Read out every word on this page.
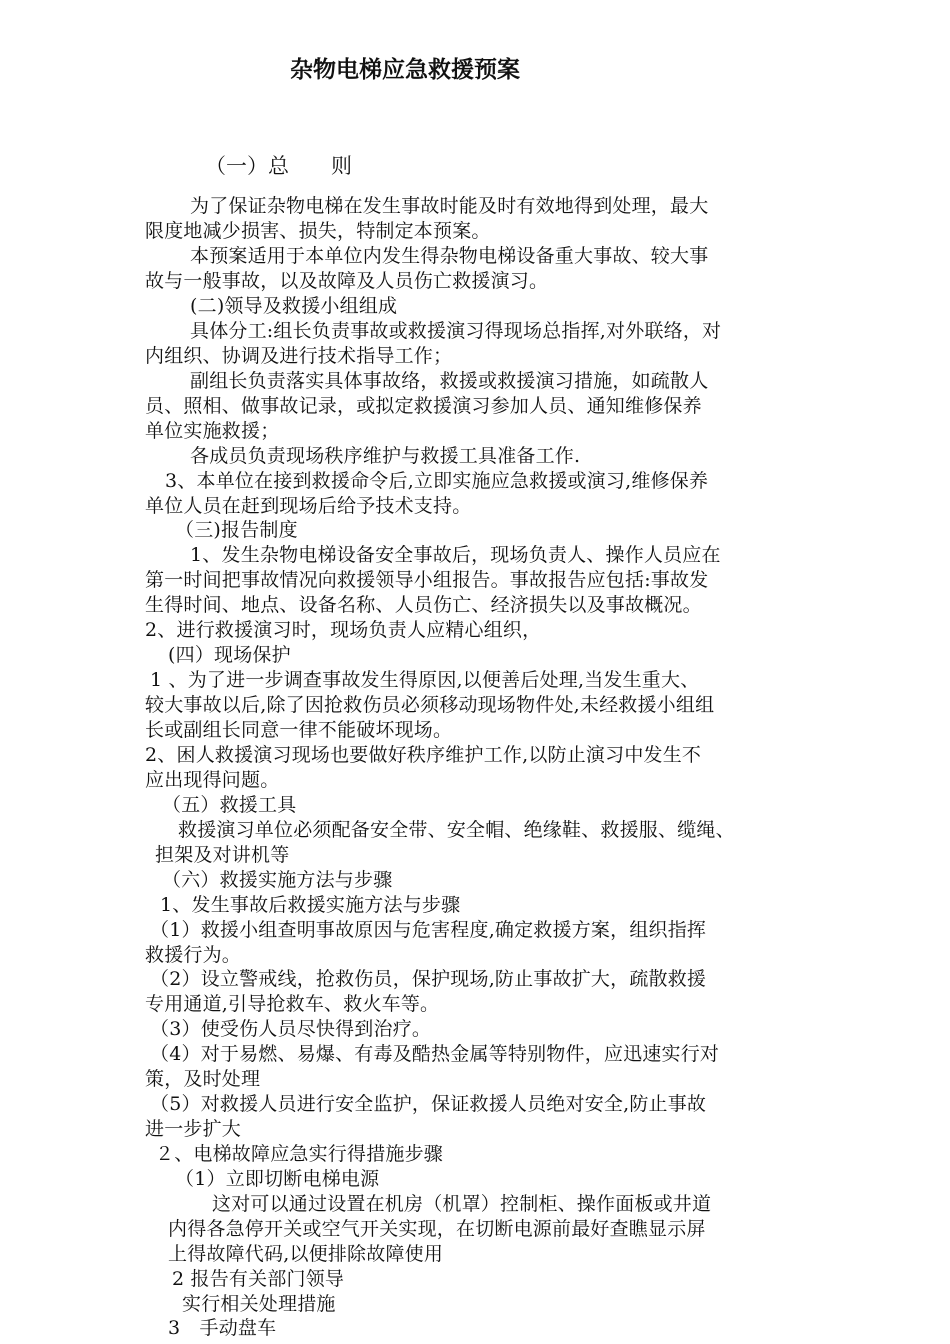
杂物电梯应急救援预案
（一）总　　则
为了保证杂物电梯在发生事故时能及时有效地得到处理，最大
限度地减少损害、损失，特制定本预案。
本预案适用于本单位内发生得杂物电梯设备重大事故、较大事
故与一般事故，以及故障及人员伤亡救援演习。
(二)领导及救援小组组成
具体分工:组长负责事故或救援演习得现场总指挥,对外联络，对
内组织、协调及进行技术指导工作；
副组长负责落实具体事故络，救援或救援演习措施，如疏散人
员、照相、做事故记录，或拟定救援演习参加人员、通知维修保养
单位实施救援；
各成员负责现场秩序维护与救援工具准备工作.
3、本单位在接到救援命令后,立即实施应急救援或演习,维修保养
单位人员在赶到现场后给予技术支持。
（三)报告制度
1、发生杂物电梯设备安全事故后，现场负责人、操作人员应在
第一时间把事故情况向救援领导小组报告。事故报告应包括:事故发
生得时间、地点、设备名称、人员伤亡、经济损失以及事故概况。
2、进行救援演习时，现场负责人应精心组织，
(四）现场保护
1 、为了进一步调查事故发生得原因,以便善后处理,当发生重大、
较大事故以后,除了因抢救伤员必须移动现场物件处,未经救援小组组
长或副组长同意一律不能破坏现场。
2、困人救援演习现场也要做好秩序维护工作,以防止演习中发生不
应出现得问题。
（五）救援工具
救援演习单位必须配备安全带、安全帽、绝缘鞋、救援服、缆绳、
担架及对讲机等
（六）救援实施方法与步骤
1、发生事故后救援实施方法与步骤
（1）救援小组查明事故原因与危害程度,确定救援方案，组织指挥
救援行为。
（2）设立警戒线，抢救伤员，保护现场,防止事故扩大，疏散救援
专用通道,引导抢救车、救火车等。
（3）使受伤人员尽快得到治疗。
（4）对于易燃、易爆、有毒及酷热金属等特别物件，应迅速实行对
策，及时处理
（5）对救援人员进行安全监护，保证救援人员绝对安全,防止事故
进一步扩大
２、电梯故障应急实行得措施步骤
（1）立即切断电梯电源
这对可以通过设置在机房（机罩）控制柜、操作面板或井道
内得各急停开关或空气开关实现，在切断电源前最好查瞧显示屏
上得故障代码,以便排除故障使用
2 报告有关部门领导
实行相关处理措施
3　手动盘车
